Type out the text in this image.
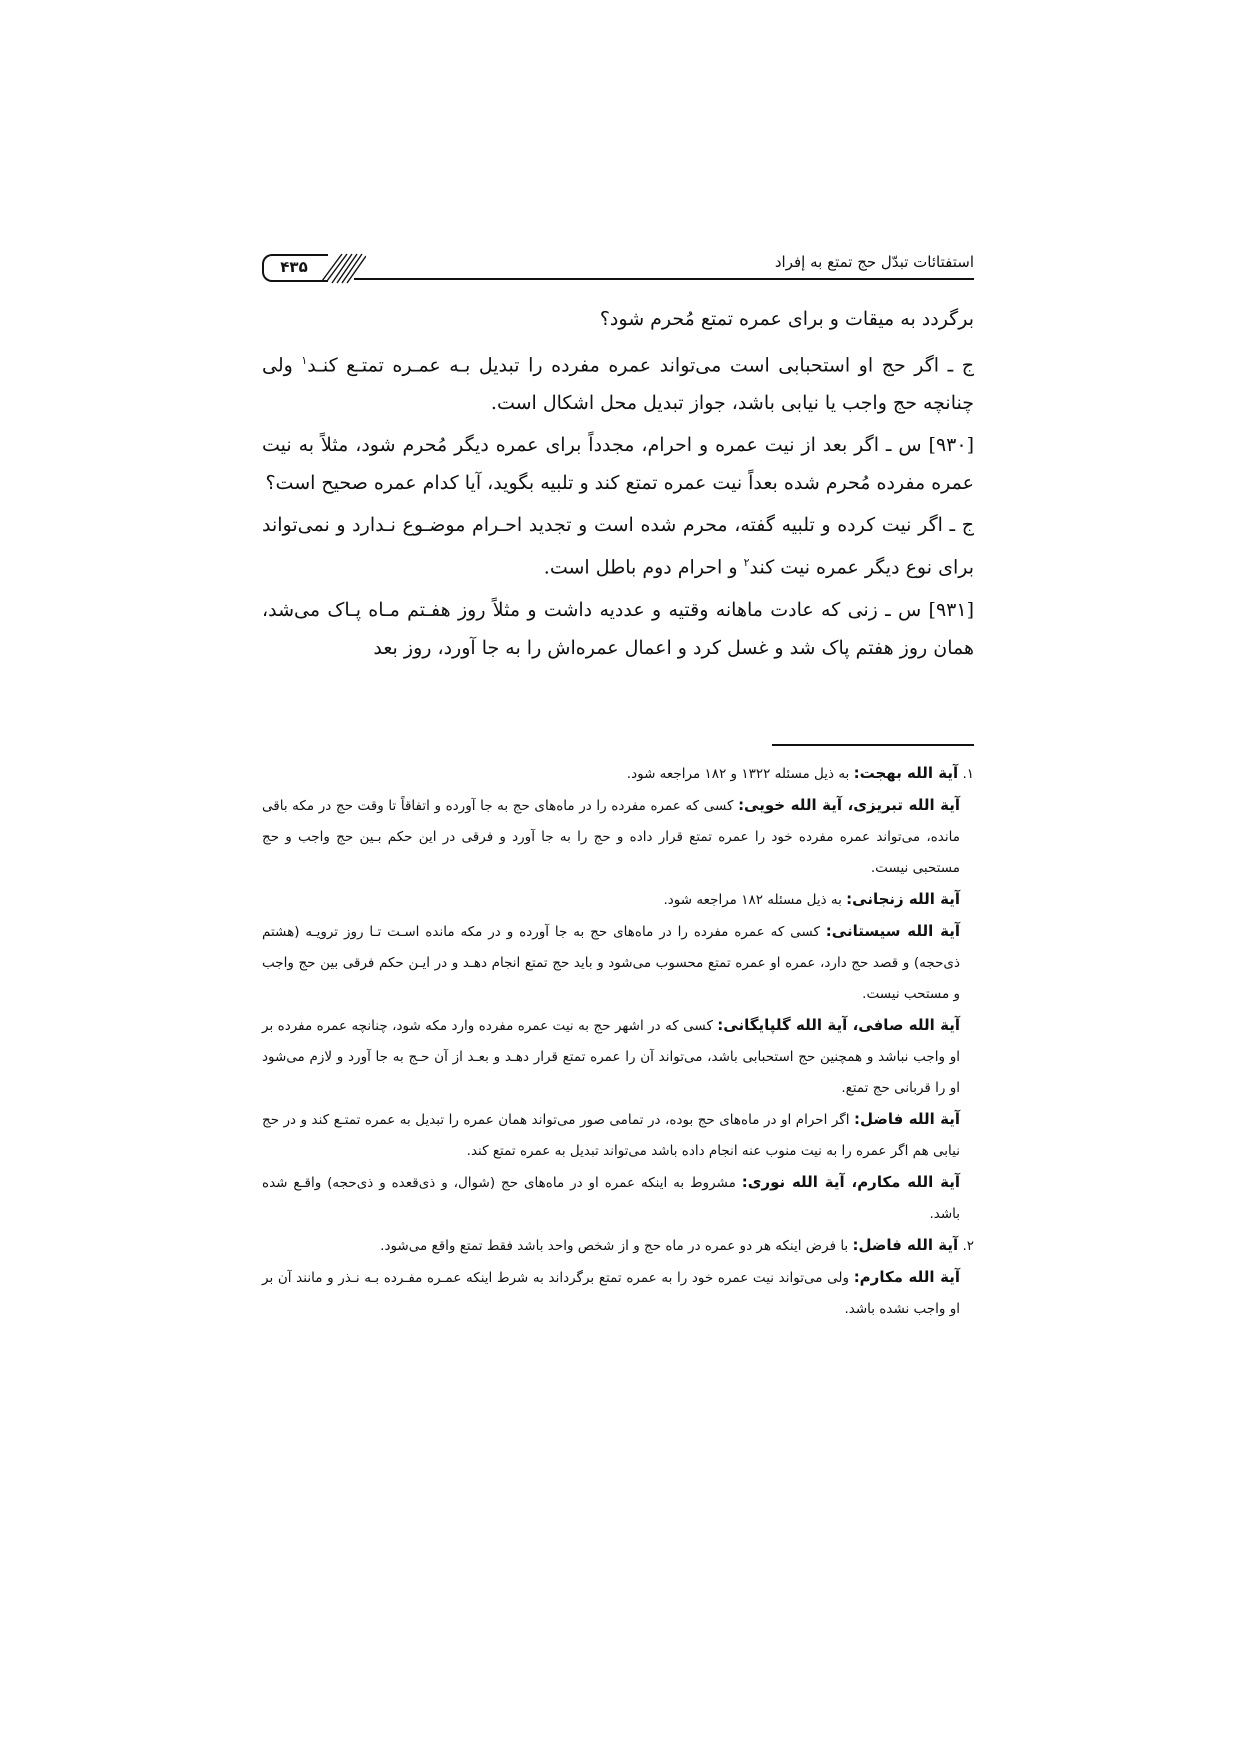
استفتائات تبدّل حج تمتع به إفراد
۴۳۵

برگردد به میقات و برای عمره تمتع مُحرم شود؟

ج ـ اگر حج او استحبابی است می‌تواند عمره مفرده را تبدیل بـه عمـره تمتـع کنـد$^۱$ ولی چنانچه حج واجب یا نیابی باشد، جواز تبدیل محل اشکال است.

[۹۳۰] س ـ اگر بعد از نیت عمره و احرام، مجدداً برای عمره دیگر مُحرم شود، مثلاً به نیت عمره مفرده مُحرم شده بعداً نیت عمره تمتع کند و تلبیه بگوید، آیا کدام عمره صحیح است؟

ج ـ اگر نیت کرده و تلبیه گفته، محرم شده است و تجدید احـرام موضـوع نـدارد و نمی‌تواند برای نوع دیگر عمره نیت کند$^۲$ و احرام دوم باطل است.

[۹۳۱] س ـ زنی که عادت ماهانه وقتیه و عددیه داشت و مثلاً روز هفـتم مـاه پـاک می‌شد، همان روز هفتم پاک شد و غسل کرد و اعمال عمره‌اش را به جا آورد، روز بعد

۱. آية الله بهجت: به ذیل مسئله ۱۳۲۲ و ۱۸۲ مراجعه شود.

آية الله تبریزی، آية الله خویی: کسی که عمره مفرده را در ماه‌های حج به جا آورده و اتفاقاً تا وقت حج در مکه باقی مانده، می‌تواند عمره مفرده خود را عمره تمتع قرار داده و حج را به جا آورد و فرقی در این حکم بـین حج واجب و حج مستحبی نیست.

آية الله زنجانی: به ذیل مسئله ۱۸۲ مراجعه شود.

آية الله سیستانی: کسی که عمره مفرده را در ماه‌های حج به جا آورده و در مکه مانده اسـت تـا روز ترویـه (هشتم ذی‌حجه) و قصد حج دارد، عمره او عمره تمتع محسوب می‌شود و باید حج تمتع انجام دهـد و در ایـن حکم فرقی بین حج واجب و مستحب نیست.

آية الله صافی، آية الله گلپایگانی: کسی که در اشهر حج به نیت عمره مفرده وارد مکه شود، چنانچه عمره مفرده بر او واجب نباشد و همچنین حج استحبابی باشد، می‌تواند آن را عمره تمتع قرار دهـد و بعـد از آن حـج به جا آورد و لازم می‌شود او را قربانی حج تمتع.

آية الله فاضل: اگر احرام او در ماه‌های حج بوده، در تمامی صور می‌تواند همان عمره را تبدیل به عمره تمتـع کند و در حج نیابی هم اگر عمره را به نیت منوب عنه انجام داده باشد می‌تواند تبدیل به عمره تمتع کند.

آية الله مکارم، آية الله نوری: مشروط به اینکه عمره او در ماه‌های حج (شوال، و ذی‌قعده و ذی‌حجه) واقـع شده باشد.

۲. آية الله فاضل: با فرض اینکه هر دو عمره در ماه حج و از شخص واحد باشد فقط تمتع واقع می‌شود.

آية الله مکارم: ولی می‌تواند نیت عمره خود را به عمره تمتع برگرداند به شرط اینکه عمـره مفـرده بـه نـذر و مانند آن بر او واجب نشده باشد.
